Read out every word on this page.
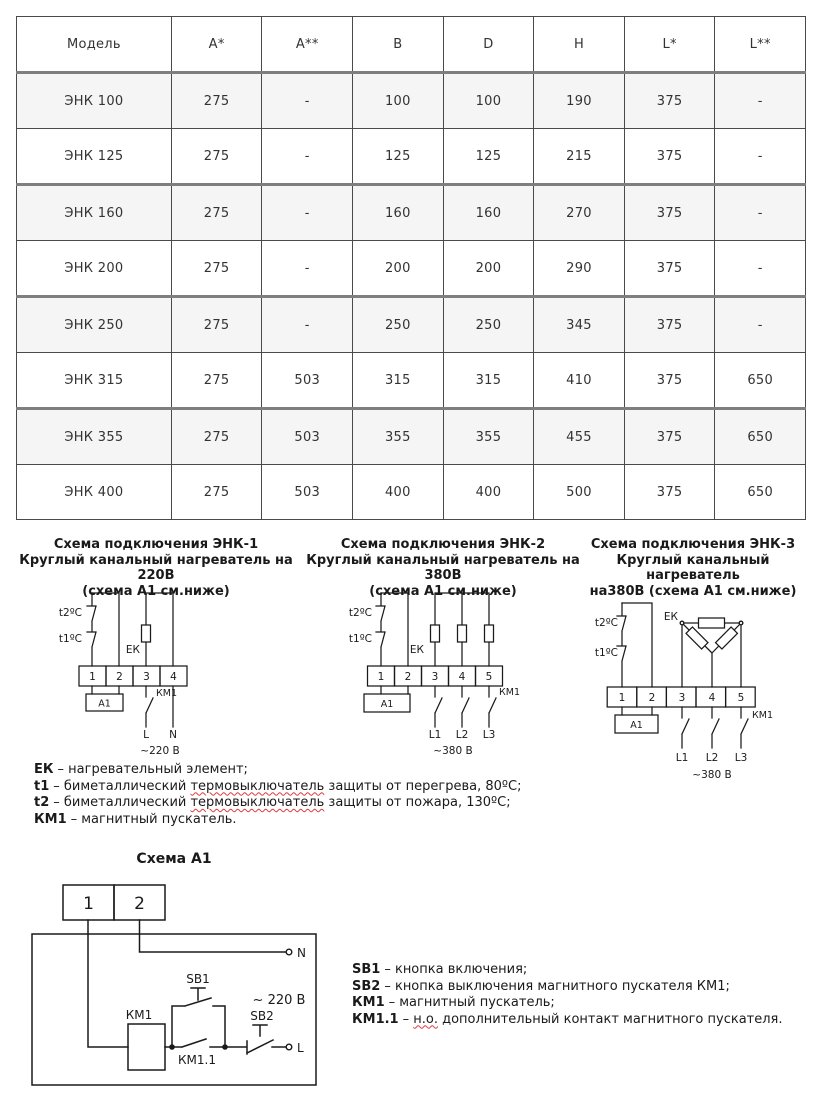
Модель	A*	A**	B	D	H	L*	L**
ЭНК 100	275	-	100	100	190	375	-
ЭНК 125	275	-	125	125	215	375	-
ЭНК 160	275	-	160	160	270	375	-
ЭНК 200	275	-	200	200	290	375	-
ЭНК 250	275	-	250	250	345	375	-
ЭНК 315	275	503	315	315	410	375	650
ЭНК 355	275	503	355	355	455	375	650
ЭНК 400	275	503	400	400	500	375	650
Схема подключения ЭНК-1
Круглый канальный нагреватель на 220В
(схема А1 см.ниже)
Схема подключения ЭНК-2
Круглый канальный нагреватель на 380В
(схема А1 см.ниже)
Схема подключения ЭНК-3
Круглый канальный нагреватель
на380В (схема А1 см.ниже)
t2ºC
t1ºC
ЕК
1 2 3 4
А1
КМ1
L N
~220 В
t2ºC
t1ºC
ЕК
1 2 3 4 5
А1
КМ1
L1 L2 L3
~380 В
t2ºC
t1ºC
ЕК
1 2 3 4 5
А1
КМ1
L1 L2 L3
~380 В
ЕК – нагревательный элемент;
t1 – биметаллический термовыключатель защиты от перегрева, 80ºС;
t2 – биметаллический термовыключатель защиты от пожара, 130ºС;
КМ1 – магнитный пускатель.
Схема А1
1 2
N
КМ1
КМ1.1
SB1
SB2
L
~ 220 В
SB1 – кнопка включения;
SB2 – кнопка выключения магнитного пускателя КМ1;
КМ1 – магнитный пускатель;
КМ1.1 – н.о. дополнительный контакт магнитного пускателя.
